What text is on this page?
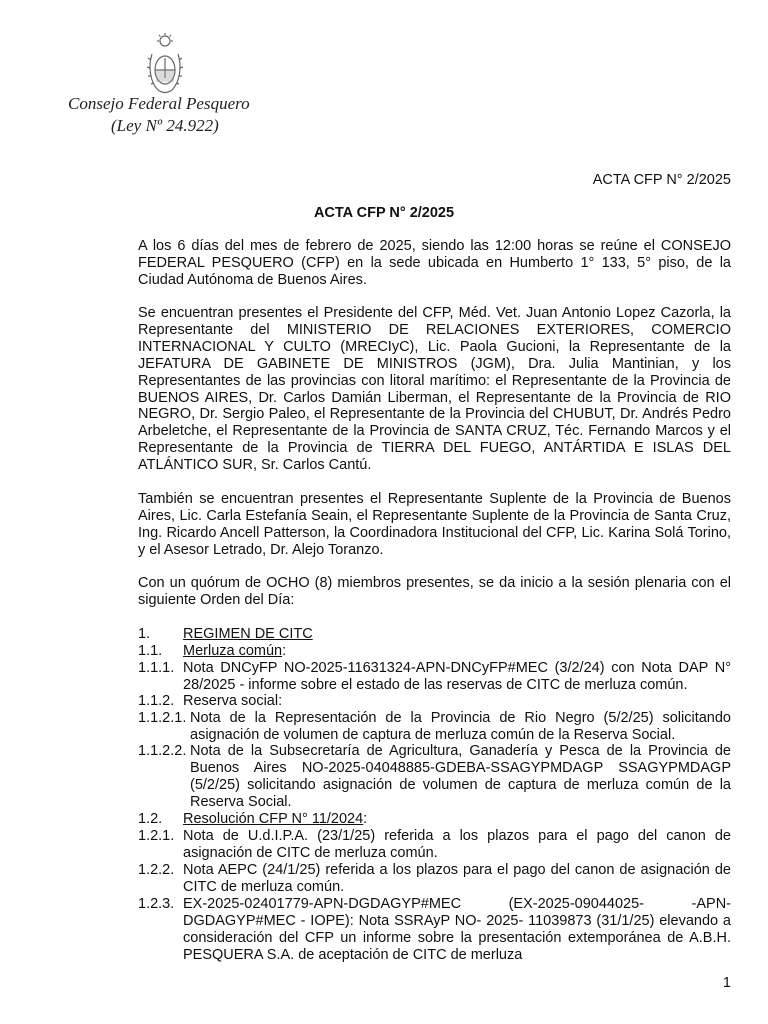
Consejo Federal Pesquero
(Ley Nº 24.922)
ACTA CFP N° 2/2025
ACTA CFP N° 2/2025
A los 6 días del mes de febrero de 2025, siendo las 12:00 horas se reúne el CONSEJO FEDERAL PESQUERO (CFP) en la sede ubicada en Humberto 1° 133, 5° piso, de la Ciudad Autónoma de Buenos Aires.
Se encuentran presentes el Presidente del CFP, Méd. Vet. Juan Antonio Lopez Cazorla, la Representante del MINISTERIO DE RELACIONES EXTERIORES, COMERCIO INTERNACIONAL Y CULTO (MRECIyC), Lic. Paola Gucioni, la Representante de la JEFATURA DE GABINETE DE MINISTROS (JGM), Dra. Julia Mantinian, y los Representantes de las provincias con litoral marítimo: el Representante de la Provincia de BUENOS AIRES, Dr. Carlos Damián Liberman, el Representante de la Provincia de RIO NEGRO, Dr. Sergio Paleo, el Representante de la Provincia del CHUBUT, Dr. Andrés Pedro Arbeletche, el Representante de la Provincia de SANTA CRUZ, Téc. Fernando Marcos y el Representante de la Provincia de TIERRA DEL FUEGO, ANTÁRTIDA E ISLAS DEL ATLÁNTICO SUR, Sr. Carlos Cantú.
También se encuentran presentes el Representante Suplente de la Provincia de Buenos Aires, Lic. Carla Estefanía Seain, el Representante Suplente de la Provincia de Santa Cruz, Ing. Ricardo Ancell Patterson, la Coordinadora Institucional del CFP, Lic. Karina Solá Torino, y el Asesor Letrado, Dr. Alejo Toranzo.
Con un quórum de OCHO (8) miembros presentes, se da inicio a la sesión plenaria con el siguiente Orden del Día:
1.	REGIMEN DE CITC
1.1.	Merluza común:
1.1.1. Nota DNCyFP NO-2025-11631324-APN-DNCyFP#MEC (3/2/24) con Nota DAP N° 28/2025 - informe sobre el estado de las reservas de CITC de merluza común.
1.1.2. Reserva social:
1.1.2.1. Nota de la Representación de la Provincia de Rio Negro (5/2/25) solicitando asignación de volumen de captura de merluza común de la Reserva Social.
1.1.2.2. Nota de la Subsecretaría de Agricultura, Ganadería y Pesca de la Provincia de Buenos Aires NO-2025-04048885-GDEBA-SSAGYPMDAGP SSAGYPMDAGP (5/2/25) solicitando asignación de volumen de captura de merluza común de la Reserva Social.
1.2.	Resolución CFP N° 11/2024:
1.2.1. Nota de U.d.I.P.A. (23/1/25) referida a los plazos para el pago del canon de asignación de CITC de merluza común.
1.2.2. Nota AEPC (24/1/25) referida a los plazos para el pago del canon de asignación de CITC de merluza común.
1.2.3. EX-2025-02401779-APN-DGDAGYP#MEC (EX-2025-09044025- -APN-DGDAGYP#MEC - IOPE): Nota SSRAyP NO- 2025- 11039873 (31/1/25) elevando a consideración del CFP un informe sobre la presentación extemporánea de A.B.H. PESQUERA S.A. de aceptación de CITC de merluza
1
